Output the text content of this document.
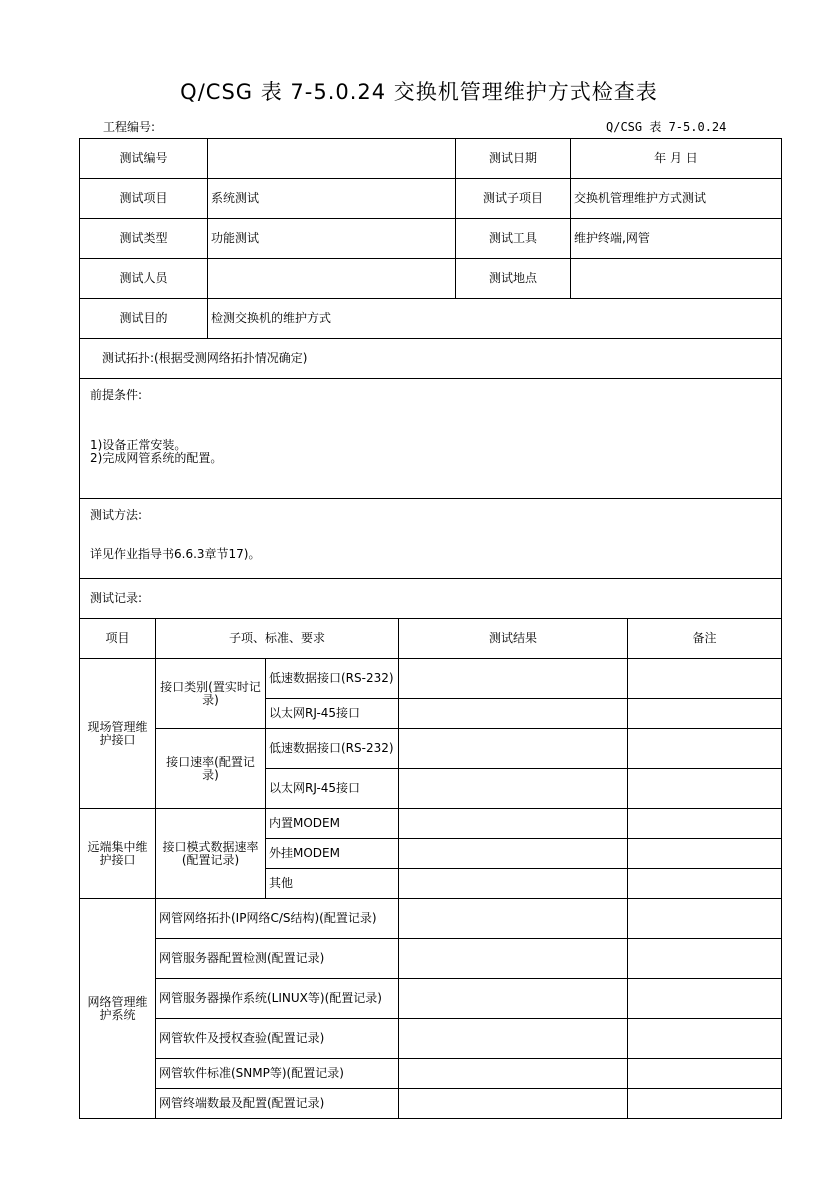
Q/CSG 表 7-5.0.24 交换机管理维护方式检查表
工程编号:	Q/CSG 表 7-5.0.24
测试编号		测试日期	年 月 日
测试项目	系统测试	测试子项目	交换机管理维护方式测试
测试类型	功能测试	测试工具	维护终端,网管
测试人员		测试地点	
测试目的	检测交换机的维护方式		
测试拓扑:(根据受测网络拓扑情况确定)			

前提条件:
1)设备正常安装。
2)完成网管系统的配置。			

测试方法:
详见作业指导书6.6.3章节17)。			

测试记录:			
项目	子项、标准、要求		测试结果	备注
现场管理维护接口	接口类别(置实时记录)	低速数据接口(RS-232)		
		以太网RJ-45接口		
	接口速率(配置记录)	低速数据接口(RS-232)		
		以太网RJ-45接口		
远端集中维护接口	接口模式数据速率(配置记录)	内置MODEM		
		外挂MODEM		
		其他		
网络管理维护系统	网管网络拓扑(IP网络C/S结构)(配置记录)			
	网管服务器配置检测(配置记录)			
	网管服务器操作系统(LINUX等)(配置记录)			
	网管软件及授权查验(配置记录)			
	网管软件标准(SNMP等)(配置记录)			
	网管终端数最及配置(配置记录)			
